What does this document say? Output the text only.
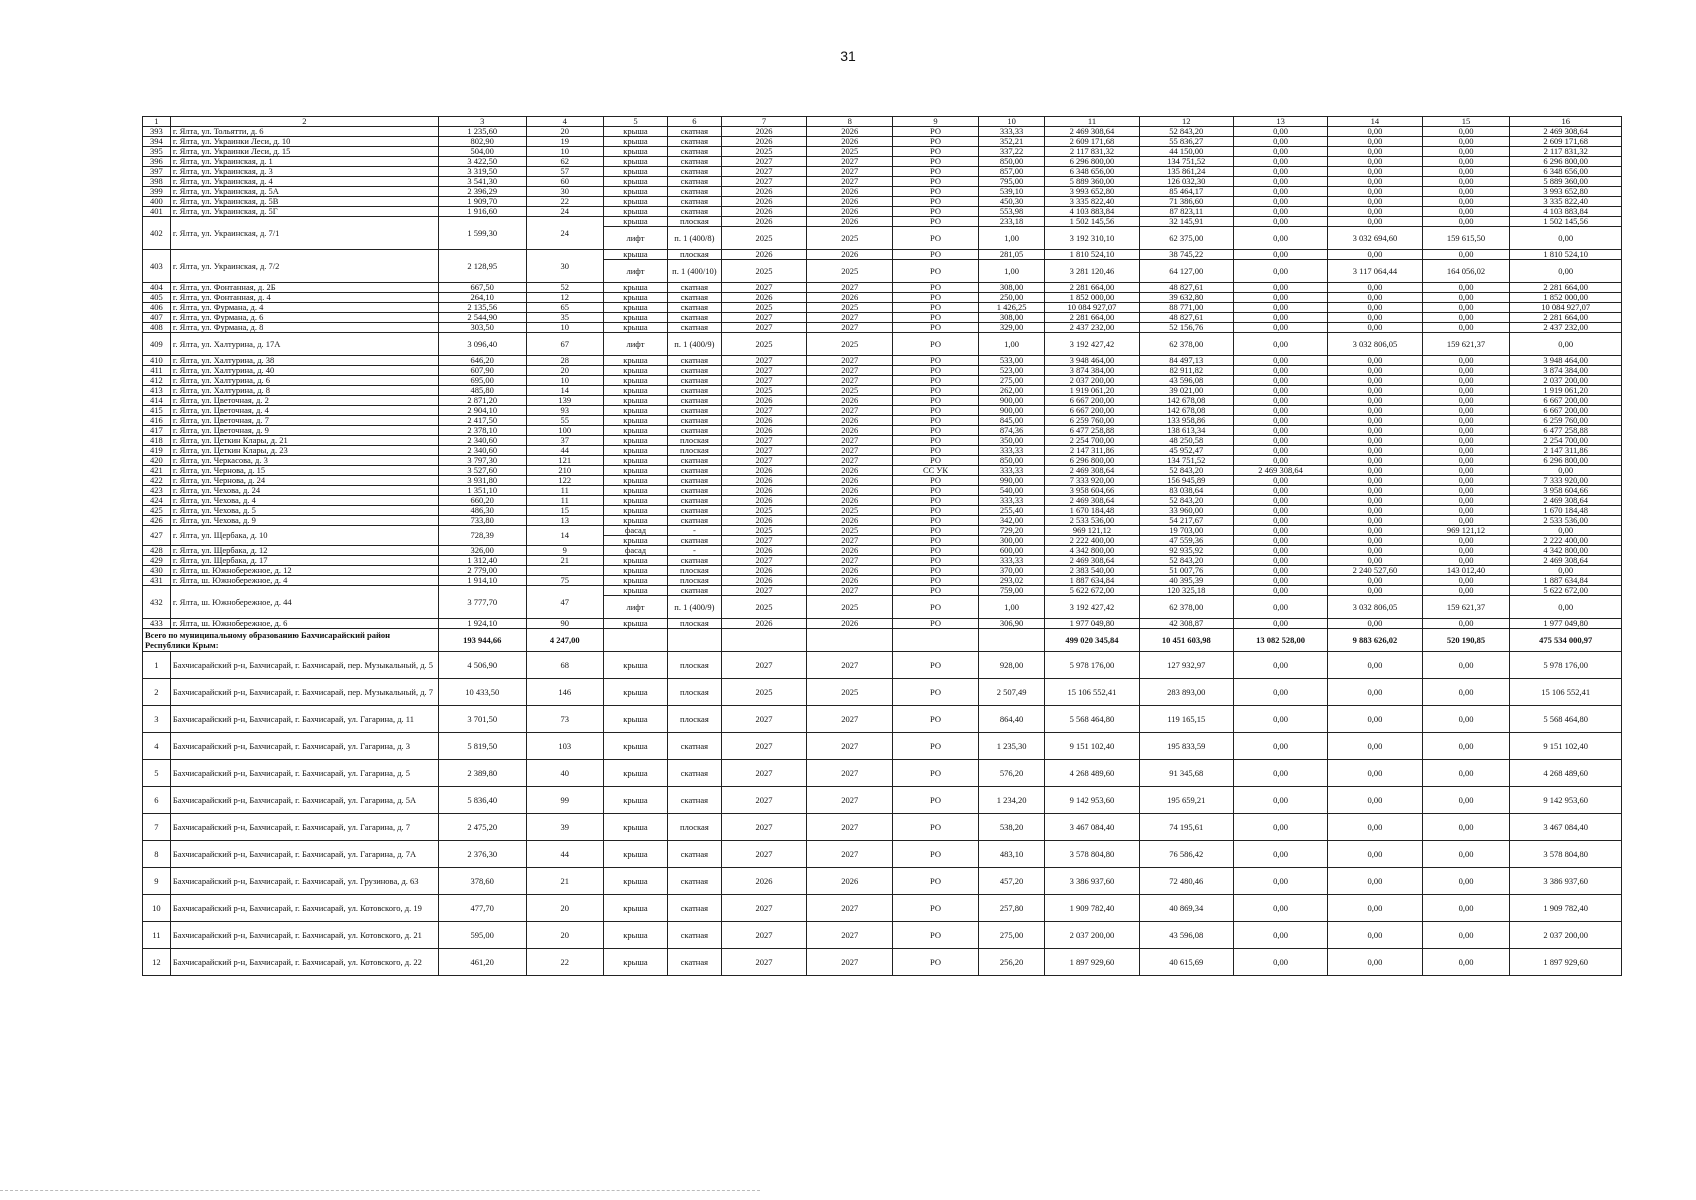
31
1	2	3	4	5	6	7	8	9	10	11	12	13	14	15	16
393	г. Ялта, ул. Тольятти, д. 6	1 235,60	20	крыша	скатная	2026	2026	РО	333,33	2 469 308,64	52 843,20	0,00	0,00	0,00	2 469 308,64
394	г. Ялта, ул. Украинки Леси, д. 10	802,90	19	крыша	скатная	2026	2026	РО	352,21	2 609 171,68	55 836,27	0,00	0,00	0,00	2 609 171,68
395	г. Ялта, ул. Украинки Леси, д. 15	504,00	10	крыша	скатная	2025	2025	РО	337,22	2 117 831,32	44 150,00	0,00	0,00	0,00	2 117 831,32
396	г. Ялта, ул. Украинская, д. 1	3 422,50	62	крыша	скатная	2027	2027	РО	850,00	6 296 800,00	134 751,52	0,00	0,00	0,00	6 296 800,00
397	г. Ялта, ул. Украинская, д. 3	3 319,50	57	крыша	скатная	2027	2027	РО	857,00	6 348 656,00	135 861,24	0,00	0,00	0,00	6 348 656,00
398	г. Ялта, ул. Украинская, д. 4	3 541,30	60	крыша	скатная	2027	2027	РО	795,00	5 889 360,00	126 032,30	0,00	0,00	0,00	5 889 360,00
399	г. Ялта, ул. Украинская, д. 5А	2 396,29	30	крыша	скатная	2026	2026	РО	539,10	3 993 652,80	85 464,17	0,00	0,00	0,00	3 993 652,80
400	г. Ялта, ул. Украинская, д. 5В	1 909,70	22	крыша	скатная	2026	2026	РО	450,30	3 335 822,40	71 386,60	0,00	0,00	0,00	3 335 822,40
401	г. Ялта, ул. Украинская, д. 5Г	1 916,60	24	крыша	скатная	2026	2026	РО	553,98	4 103 883,84	87 823,11	0,00	0,00	0,00	4 103 883,84
402	г. Ялта, ул. Украинская, д. 7/1	1 599,30	24	крыша	плоская	2026	2026	РО	233,18	1 502 145,56	32 145,91	0,00	0,00	0,00	1 502 145,56
				лифт	п. 1 (400/8)	2025	2025	РО	1,00	3 192 310,10	62 375,00	0,00	3 032 694,60	159 615,50	0,00
403	г. Ялта, ул. Украинская, д. 7/2	2 128,95	30	крыша	плоская	2026	2026	РО	281,05	1 810 524,10	38 745,22	0,00	0,00	0,00	1 810 524,10
				лифт	п. 1 (400/10)	2025	2025	РО	1,00	3 281 120,46	64 127,00	0,00	3 117 064,44	164 056,02	0,00
404	г. Ялта, ул. Фонтанная, д. 2Б	667,50	52	крыша	скатная	2027	2027	РО	308,00	2 281 664,00	48 827,61	0,00	0,00	0,00	2 281 664,00
405	г. Ялта, ул. Фонтанная, д. 4	264,10	12	крыша	скатная	2026	2026	РО	250,00	1 852 000,00	39 632,80	0,00	0,00	0,00	1 852 000,00
406	г. Ялта, ул. Фурмана, д. 4	2 135,56	65	крыша	скатная	2025	2025	РО	1 426,25	10 084 927,07	88 771,00	0,00	0,00	0,00	10 084 927,07
407	г. Ялта, ул. Фурмана, д. 6	2 544,90	35	крыша	скатная	2027	2027	РО	308,00	2 281 664,00	48 827,61	0,00	0,00	0,00	2 281 664,00
408	г. Ялта, ул. Фурмана, д. 8	303,50	10	крыша	скатная	2027	2027	РО	329,00	2 437 232,00	52 156,76	0,00	0,00	0,00	2 437 232,00
409	г. Ялта, ул. Халтурина, д. 17А	3 096,40	67	лифт	п. 1 (400/9)	2025	2025	РО	1,00	3 192 427,42	62 378,00	0,00	3 032 806,05	159 621,37	0,00
410	г. Ялта, ул. Халтурина, д. 38	646,20	28	крыша	скатная	2027	2027	РО	533,00	3 948 464,00	84 497,13	0,00	0,00	0,00	3 948 464,00
411	г. Ялта, ул. Халтурина, д. 40	607,90	20	крыша	скатная	2027	2027	РО	523,00	3 874 384,00	82 911,82	0,00	0,00	0,00	3 874 384,00
412	г. Ялта, ул. Халтурина, д. 6	695,00	10	крыша	скатная	2027	2027	РО	275,00	2 037 200,00	43 596,08	0,00	0,00	0,00	2 037 200,00
413	г. Ялта, ул. Халтурина, д. 8	485,80	14	крыша	скатная	2025	2025	РО	262,00	1 919 061,20	39 021,00	0,00	0,00	0,00	1 919 061,20
414	г. Ялта, ул. Цветочная, д. 2	2 871,20	139	крыша	скатная	2026	2026	РО	900,00	6 667 200,00	142 678,08	0,00	0,00	0,00	6 667 200,00
415	г. Ялта, ул. Цветочная, д. 4	2 904,10	93	крыша	скатная	2027	2027	РО	900,00	6 667 200,00	142 678,08	0,00	0,00	0,00	6 667 200,00
416	г. Ялта, ул. Цветочная, д. 7	2 417,50	55	крыша	скатная	2026	2026	РО	845,00	6 259 760,00	133 958,86	0,00	0,00	0,00	6 259 760,00
417	г. Ялта, ул. Цветочная, д. 9	2 378,10	100	крыша	скатная	2026	2026	РО	874,36	6 477 258,88	138 613,34	0,00	0,00	0,00	6 477 258,88
418	г. Ялта, ул. Цеткин Клары, д. 21	2 340,60	37	крыша	плоская	2027	2027	РО	350,00	2 254 700,00	48 250,58	0,00	0,00	0,00	2 254 700,00
419	г. Ялта, ул. Цеткин Клары, д. 23	2 340,60	44	крыша	плоская	2027	2027	РО	333,33	2 147 311,86	45 952,47	0,00	0,00	0,00	2 147 311,86
420	г. Ялта, ул. Черкасова, д. 3	3 797,30	121	крыша	скатная	2027	2027	РО	850,00	6 296 800,00	134 751,52	0,00	0,00	0,00	6 296 800,00
421	г. Ялта, ул. Чернова, д. 15	3 527,60	210	крыша	скатная	2026	2026	СС УК	333,33	2 469 308,64	52 843,20	2 469 308,64	0,00	0,00	0,00
422	г. Ялта, ул. Чернова, д. 24	3 931,80	122	крыша	скатная	2026	2026	РО	990,00	7 333 920,00	156 945,89	0,00	0,00	0,00	7 333 920,00
423	г. Ялта, ул. Чехова, д. 24	1 351,10	11	крыша	скатная	2026	2026	РО	540,00	3 958 604,66	83 038,64	0,00	0,00	0,00	3 958 604,66
424	г. Ялта, ул. Чехова, д. 4	660,20	11	крыша	скатная	2026	2026	РО	333,33	2 469 308,64	52 843,20	0,00	0,00	0,00	2 469 308,64
425	г. Ялта, ул. Чехова, д. 5	486,30	15	крыша	скатная	2025	2025	РО	255,40	1 670 184,48	33 960,00	0,00	0,00	0,00	1 670 184,48
426	г. Ялта, ул. Чехова, д. 9	733,80	13	крыша	скатная	2026	2026	РО	342,00	2 533 536,00	54 217,67	0,00	0,00	0,00	2 533 536,00
427	г. Ялта, ул. Щербака, д. 10	728,39	14	фасад	-	2025	2025	РО	729,20	969 121,12	19 703,00	0,00	0,00	969 121,12	0,00
				крыша	скатная	2027	2027	РО	300,00	2 222 400,00	47 559,36	0,00	0,00	0,00	2 222 400,00
428	г. Ялта, ул. Щербака, д. 12	326,00	9	фасад	-	2026	2026	РО	600,00	4 342 800,00	92 935,92	0,00	0,00	0,00	4 342 800,00
429	г. Ялта, ул. Щербака, д. 17	1 312,40	21	крыша	скатная	2027	2027	РО	333,33	2 469 308,64	52 843,20	0,00	0,00	0,00	2 469 308,64
430	г. Ялта, ш. Южнобережное, д. 12	2 779,00		крыша	плоская	2026	2026	РО	370,00	2 383 540,00	51 007,76	0,00	2 240 527,60	143 012,40	0,00
431	г. Ялта, ш. Южнобережное, д. 4	1 914,10	75	крыша	плоская	2026	2026	РО	293,02	1 887 634,84	40 395,39	0,00	0,00	0,00	1 887 634,84
432	г. Ялта, ш. Южнобережное, д. 44	3 777,70	47	крыша	скатная	2027	2027	РО	759,00	5 622 672,00	120 325,18	0,00	0,00	0,00	5 622 672,00
				лифт	п. 1 (400/9)	2025	2025	РО	1,00	3 192 427,42	62 378,00	0,00	3 032 806,05	159 621,37	0,00
433	г. Ялта, ш. Южнобережное, д. 6	1 924,10	90	крыша	плоская	2026	2026	РО	306,90	1 977 049,80	42 308,87	0,00	0,00	0,00	1 977 049,80
Всего по муниципальному образованию Бахчисарайский район Республики Крым:		193 944,66	4 247,00							499 020 345,84	10 451 603,98	13 082 528,00	9 883 626,02	520 190,85	475 534 000,97
1	Бахчисарайский р-н, Бахчисарай, г. Бахчисарай, пер. Музыкальный, д. 5	4 506,90	68	крыша	плоская	2027	2027	РО	928,00	5 978 176,00	127 932,97	0,00	0,00	0,00	5 978 176,00
2	Бахчисарайский р-н, Бахчисарай, г. Бахчисарай, пер. Музыкальный, д. 7	10 433,50	146	крыша	плоская	2025	2025	РО	2 507,49	15 106 552,41	283 893,00	0,00	0,00	0,00	15 106 552,41
3	Бахчисарайский р-н, Бахчисарай, г. Бахчисарай, ул. Гагарина, д. 11	3 701,50	73	крыша	плоская	2027	2027	РО	864,40	5 568 464,80	119 165,15	0,00	0,00	0,00	5 568 464,80
4	Бахчисарайский р-н, Бахчисарай, г. Бахчисарай, ул. Гагарина, д. 3	5 819,50	103	крыша	скатная	2027	2027	РО	1 235,30	9 151 102,40	195 833,59	0,00	0,00	0,00	9 151 102,40
5	Бахчисарайский р-н, Бахчисарай, г. Бахчисарай, ул. Гагарина, д. 5	2 389,80	40	крыша	скатная	2027	2027	РО	576,20	4 268 489,60	91 345,68	0,00	0,00	0,00	4 268 489,60
6	Бахчисарайский р-н, Бахчисарай, г. Бахчисарай, ул. Гагарина, д. 5А	5 836,40	99	крыша	скатная	2027	2027	РО	1 234,20	9 142 953,60	195 659,21	0,00	0,00	0,00	9 142 953,60
7	Бахчисарайский р-н, Бахчисарай, г. Бахчисарай, ул. Гагарина, д. 7	2 475,20	39	крыша	плоская	2027	2027	РО	538,20	3 467 084,40	74 195,61	0,00	0,00	0,00	3 467 084,40
8	Бахчисарайский р-н, Бахчисарай, г. Бахчисарай, ул. Гагарина, д. 7А	2 376,30	44	крыша	скатная	2027	2027	РО	483,10	3 578 804,80	76 586,42	0,00	0,00	0,00	3 578 804,80
9	Бахчисарайский р-н, Бахчисарай, г. Бахчисарай, ул. Грузинова, д. 63	378,60	21	крыша	скатная	2026	2026	РО	457,20	3 386 937,60	72 480,46	0,00	0,00	0,00	3 386 937,60
10	Бахчисарайский р-н, Бахчисарай, г. Бахчисарай, ул. Котовского, д. 19	477,70	20	крыша	скатная	2027	2027	РО	257,80	1 909 782,40	40 869,34	0,00	0,00	0,00	1 909 782,40
11	Бахчисарайский р-н, Бахчисарай, г. Бахчисарай, ул. Котовского, д. 21	595,00	20	крыша	скатная	2027	2027	РО	275,00	2 037 200,00	43 596,08	0,00	0,00	0,00	2 037 200,00
12	Бахчисарайский р-н, Бахчисарай, г. Бахчисарай, ул. Котовского, д. 22	461,20	22	крыша	скатная	2027	2027	РО	256,20	1 897 929,60	40 615,69	0,00	0,00	0,00	1 897 929,60
